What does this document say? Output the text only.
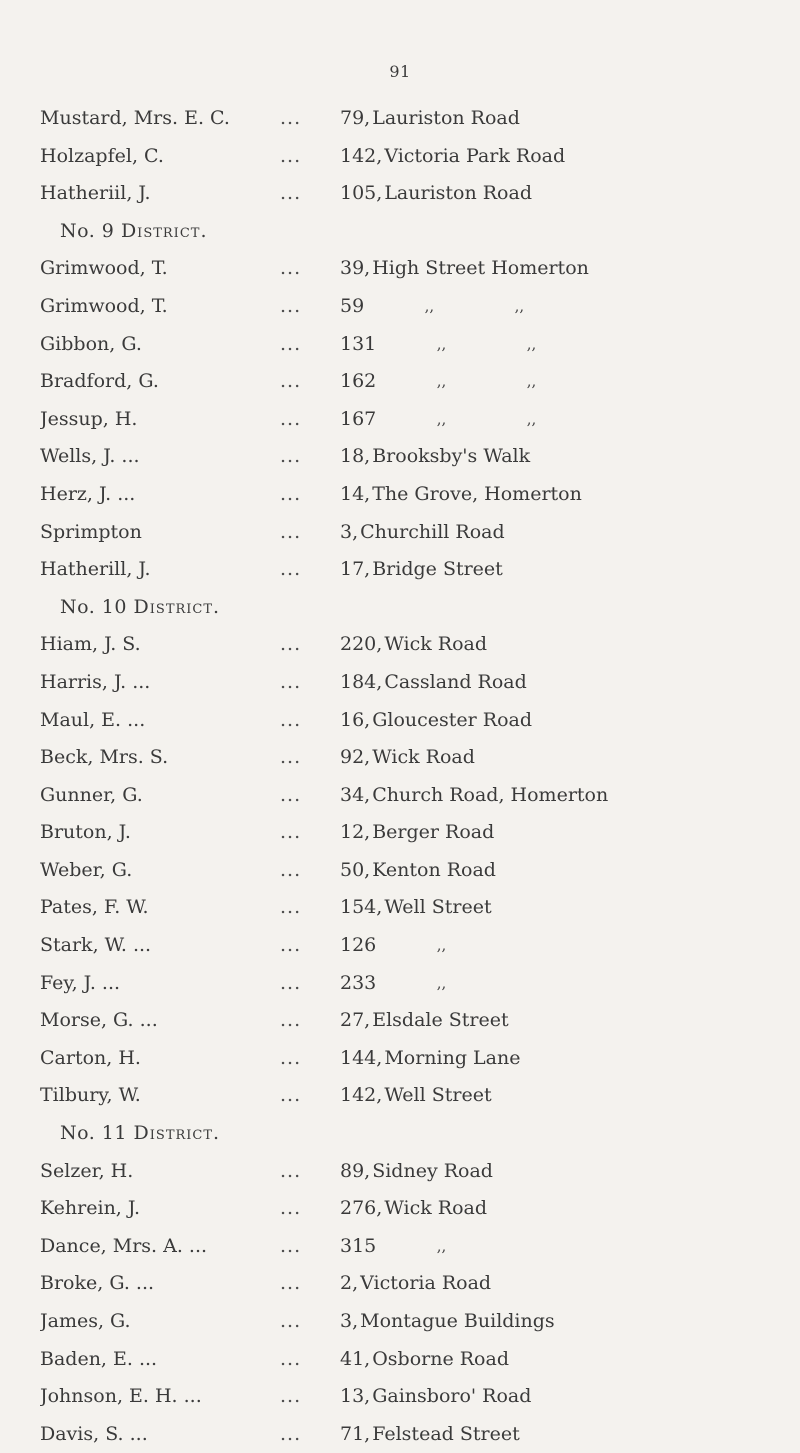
91
Mustard, Mrs. E. C.	...	79, Lauriston Road
Holzapfel, C.	...	142, Victoria Park Road
Hatheriil, J.	...	105, Lauriston Road
No. 9 District.
Grimwood, T.	...	39, High Street Homerton
Grimwood, T.	...	59	,,	,,
Gibbon, G.	...	131	,,	,,
Bradford, G.	...	162	,,	,,
Jessup, H.	...	167	,,	,,
Wells, J. ...	...	18, Brooksby's Walk
Herz, J. ...	...	14, The Grove, Homerton
Sprimpton	...	3, Churchill Road
Hatherill, J.	...	17, Bridge Street
No. 10 District.
Hiam, J. S.	...	220, Wick Road
Harris, J. ...	...	184, Cassland Road
Maul, E. ...	...	16, Gloucester Road
Beck, Mrs. S.	...	92, Wick Road
Gunner, G.	...	34, Church Road, Homerton
Bruton, J.	...	12, Berger Road
Weber, G.	...	50, Kenton Road
Pates, F. W.	...	154, Well Street
Stark, W. ...	...	126	,,
Fey, J. ...	...	233	,,
Morse, G. ...	...	27, Elsdale Street
Carton, H.	...	144, Morning Lane
Tilbury, W.	...	142, Well Street
No. 11 District.
Selzer, H.	...	89, Sidney Road
Kehrein, J.	...	276, Wick Road
Dance, Mrs. A. ...	...	315	,,
Broke, G. ...	...	2, Victoria Road
James, G.	...	3, Montague Buildings
Baden, E. ...	...	41, Osborne Road
Johnson, E. H. ...	...	13, Gainsboro' Road
Davis, S. ...	...	71, Felstead Street
